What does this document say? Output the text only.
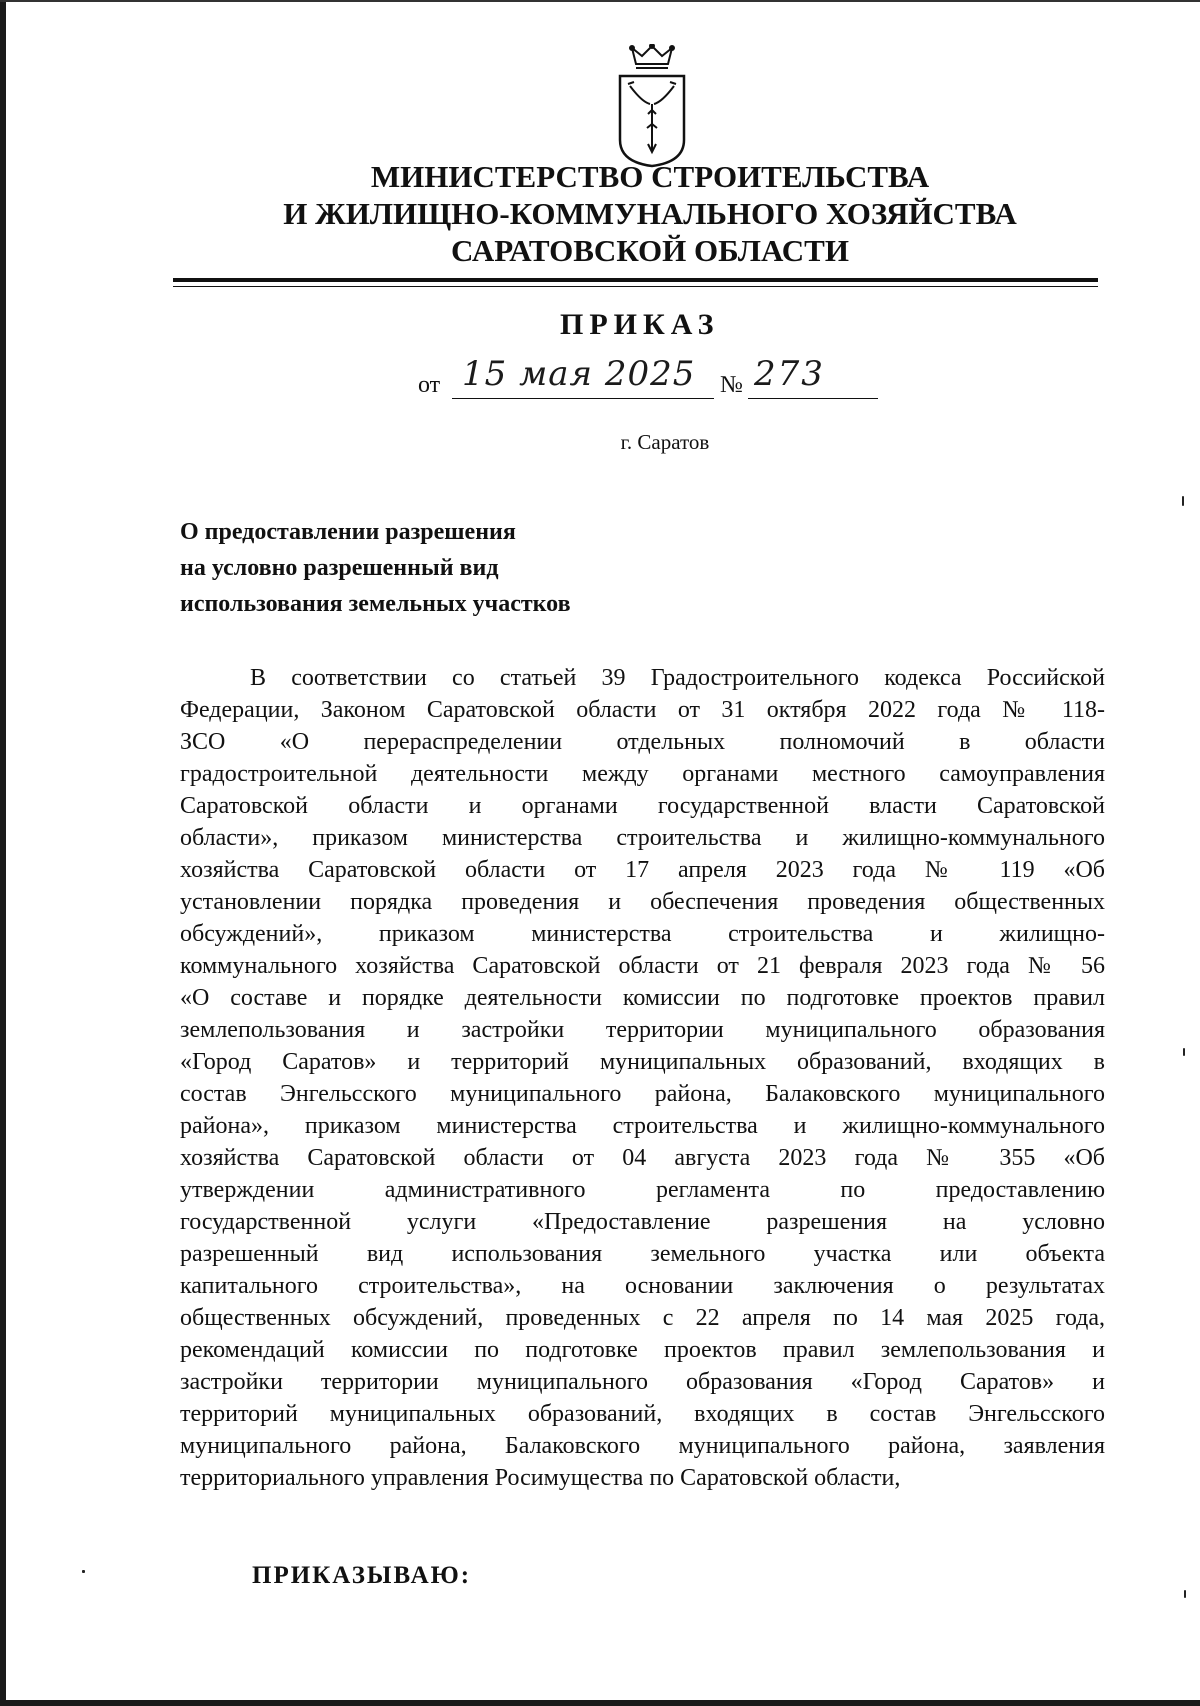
МИНИСТЕРСТВО СТРОИТЕЛЬСТВА
И ЖИЛИЩНО-КОММУНАЛЬНОГО ХОЗЯЙСТВА
САРАТОВСКОЙ ОБЛАСТИ
ПРИКАЗ
от 15 мая 2025 № 273
г. Саратов
О предоставлении разрешения
на условно разрешенный вид
использования земельных участков
В соответствии со статьей 39 Градостроительного кодекса Российской
Федерации, Законом Саратовской области от 31 октября 2022 года № 118-
ЗСО «О перераспределении отдельных полномочий в области
градостроительной деятельности между органами местного самоуправления
Саратовской области и органами государственной власти Саратовской
области», приказом министерства строительства и жилищно-коммунального
хозяйства Саратовской области от 17 апреля 2023 года № 119 «Об
установлении порядка проведения и обеспечения проведения общественных
обсуждений», приказом министерства строительства и жилищно-
коммунального хозяйства Саратовской области от 21 февраля 2023 года № 56
«О составе и порядке деятельности комиссии по подготовке проектов правил
землепользования и застройки территории муниципального образования
«Город Саратов» и территорий муниципальных образований, входящих в
состав Энгельсского муниципального района, Балаковского муниципального
района», приказом министерства строительства и жилищно-коммунального
хозяйства Саратовской области от 04 августа 2023 года № 355 «Об
утверждении административного регламента по предоставлению
государственной услуги «Предоставление разрешения на условно
разрешенный вид использования земельного участка или объекта
капитального строительства», на основании заключения о результатах
общественных обсуждений, проведенных с 22 апреля по 14 мая 2025 года,
рекомендаций комиссии по подготовке проектов правил землепользования и
застройки территории муниципального образования «Город Саратов» и
территорий муниципальных образований, входящих в состав Энгельсского
муниципального района, Балаковского муниципального района, заявления
территориального управления Росимущества по Саратовской области,
ПРИКАЗЫВАЮ:
